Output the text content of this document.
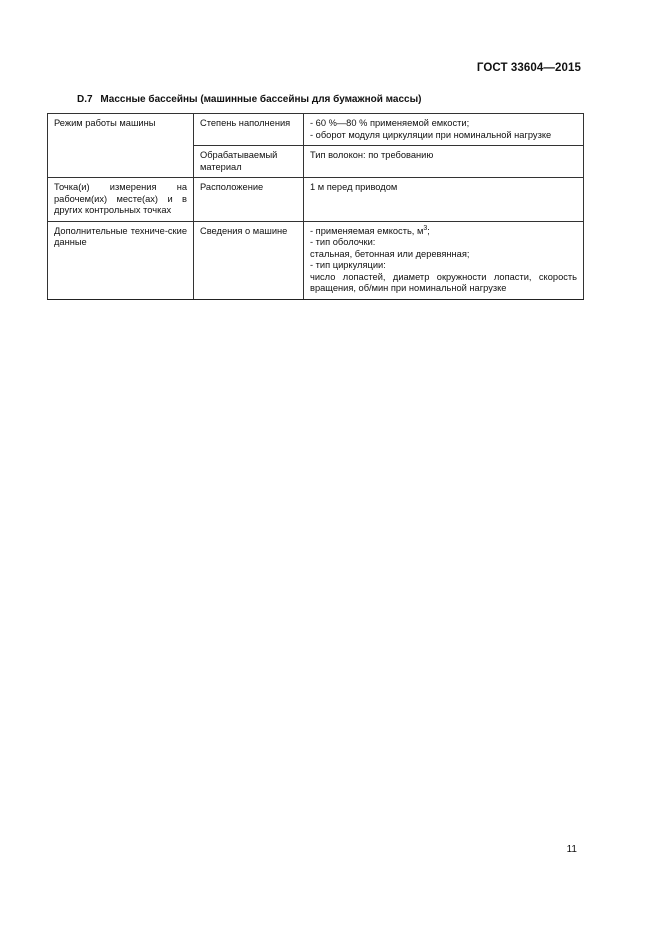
ГОСТ 33604—2015
D.7 Массные бассейны (машинные бассейны для бумажной массы)
Режим работы машины	Степень наполнения	- 60 %—80 % применяемой емкости;
- оборот модуля циркуляции при номинальной нагрузке

	Обрабатываемый материал	Тип волокон: по требованию
Точка(и) измерения на рабочем(их) месте(ах) и в других контрольных точках	Расположение	1 м перед приводом
Дополнительные техниче-ские данные	Сведения о машине	- применяемая емкость, $м^3$;
- тип оболочки:
стальная, бетонная или деревянная;
- тип циркуляции:
число лопастей, диаметр окружности лопасти, скорость вращения, об/мин при номинальной нагрузке
11
